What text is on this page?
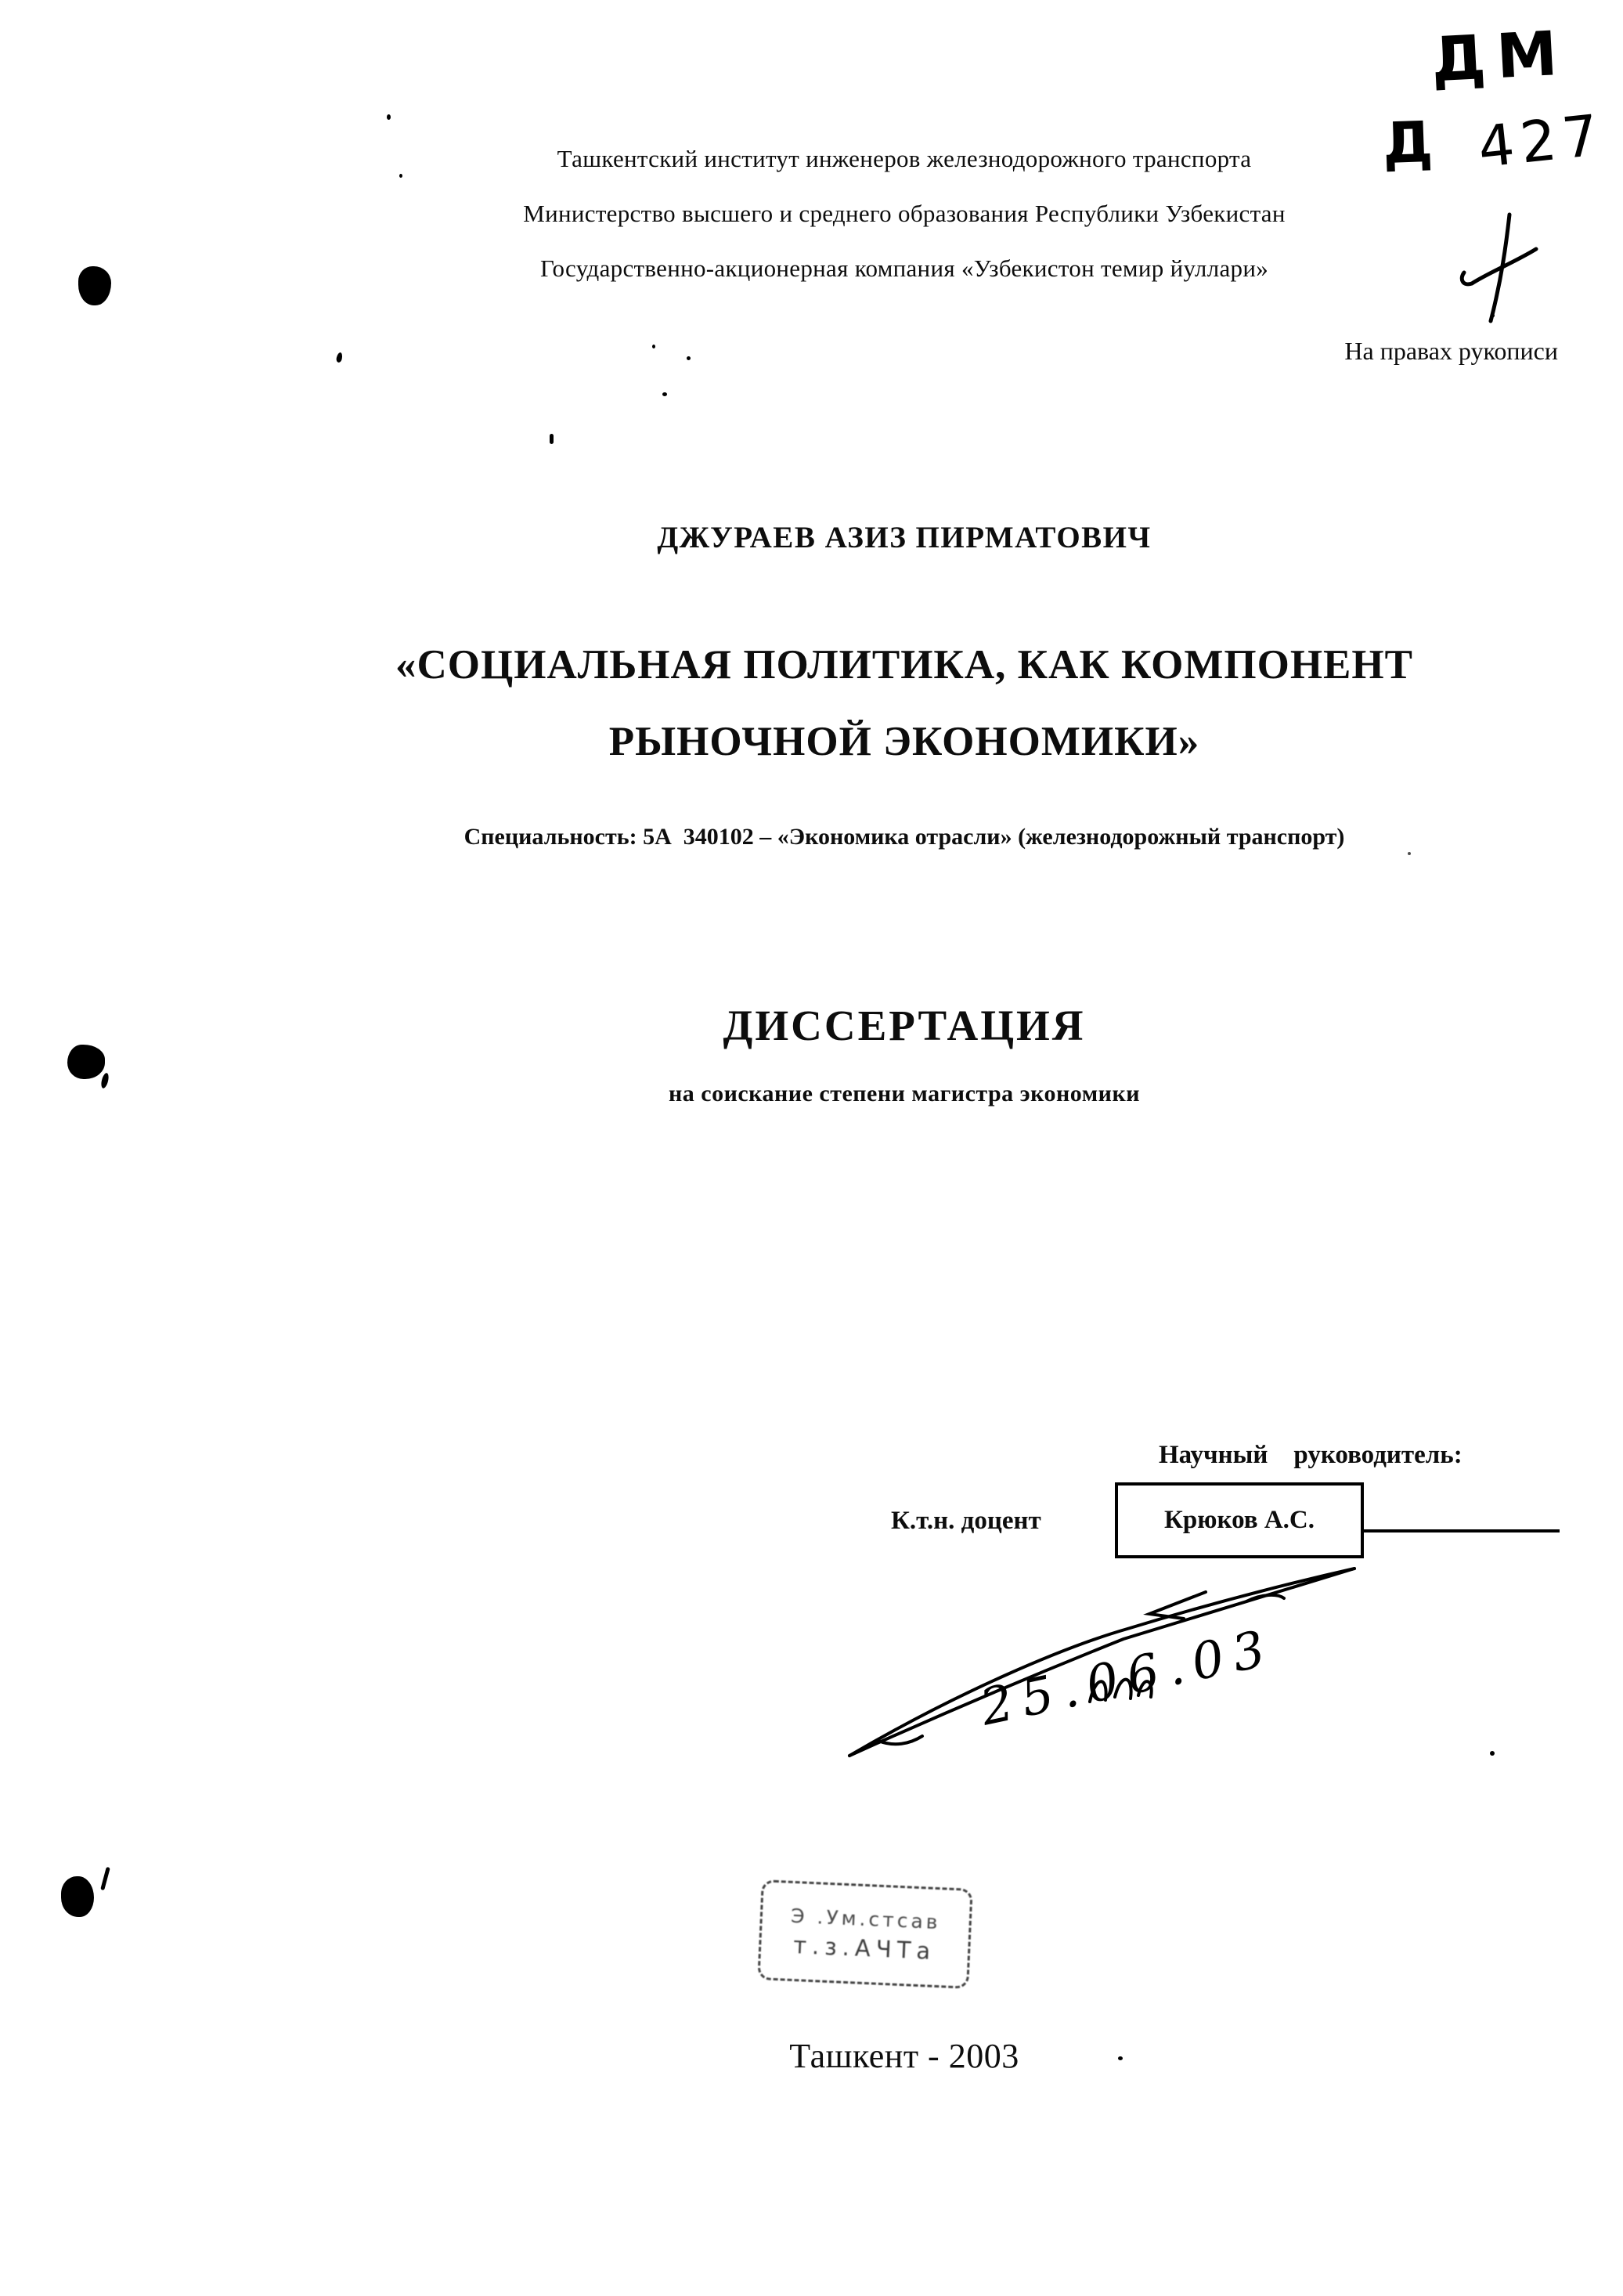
Ташкентский институт инженеров железнодорожного транспорта
Министерство высшего и среднего образования Республики Узбекистан
Государственно-акционерная компания «Узбекистон темир йуллари»
ДМ
Д 427
На правах рукописи
ДЖУРАЕВ АЗИЗ ПИРМАТОВИЧ
«СОЦИАЛЬНАЯ ПОЛИТИКА, КАК КОМПОНЕНТ
РЫНОЧНОЙ ЭКОНОМИКИ»
Специальность: 5А  340102 – «Экономика отрасли» (железнодорожный транспорт)
ДИССЕРТАЦИЯ
на соискание степени магистра экономики
Научный    руководитель:
К.т.н. доцент	Крюков А.С.
25.06.03
Э .Ум.стсав
т.з.АЧТа
Ташкент - 2003
